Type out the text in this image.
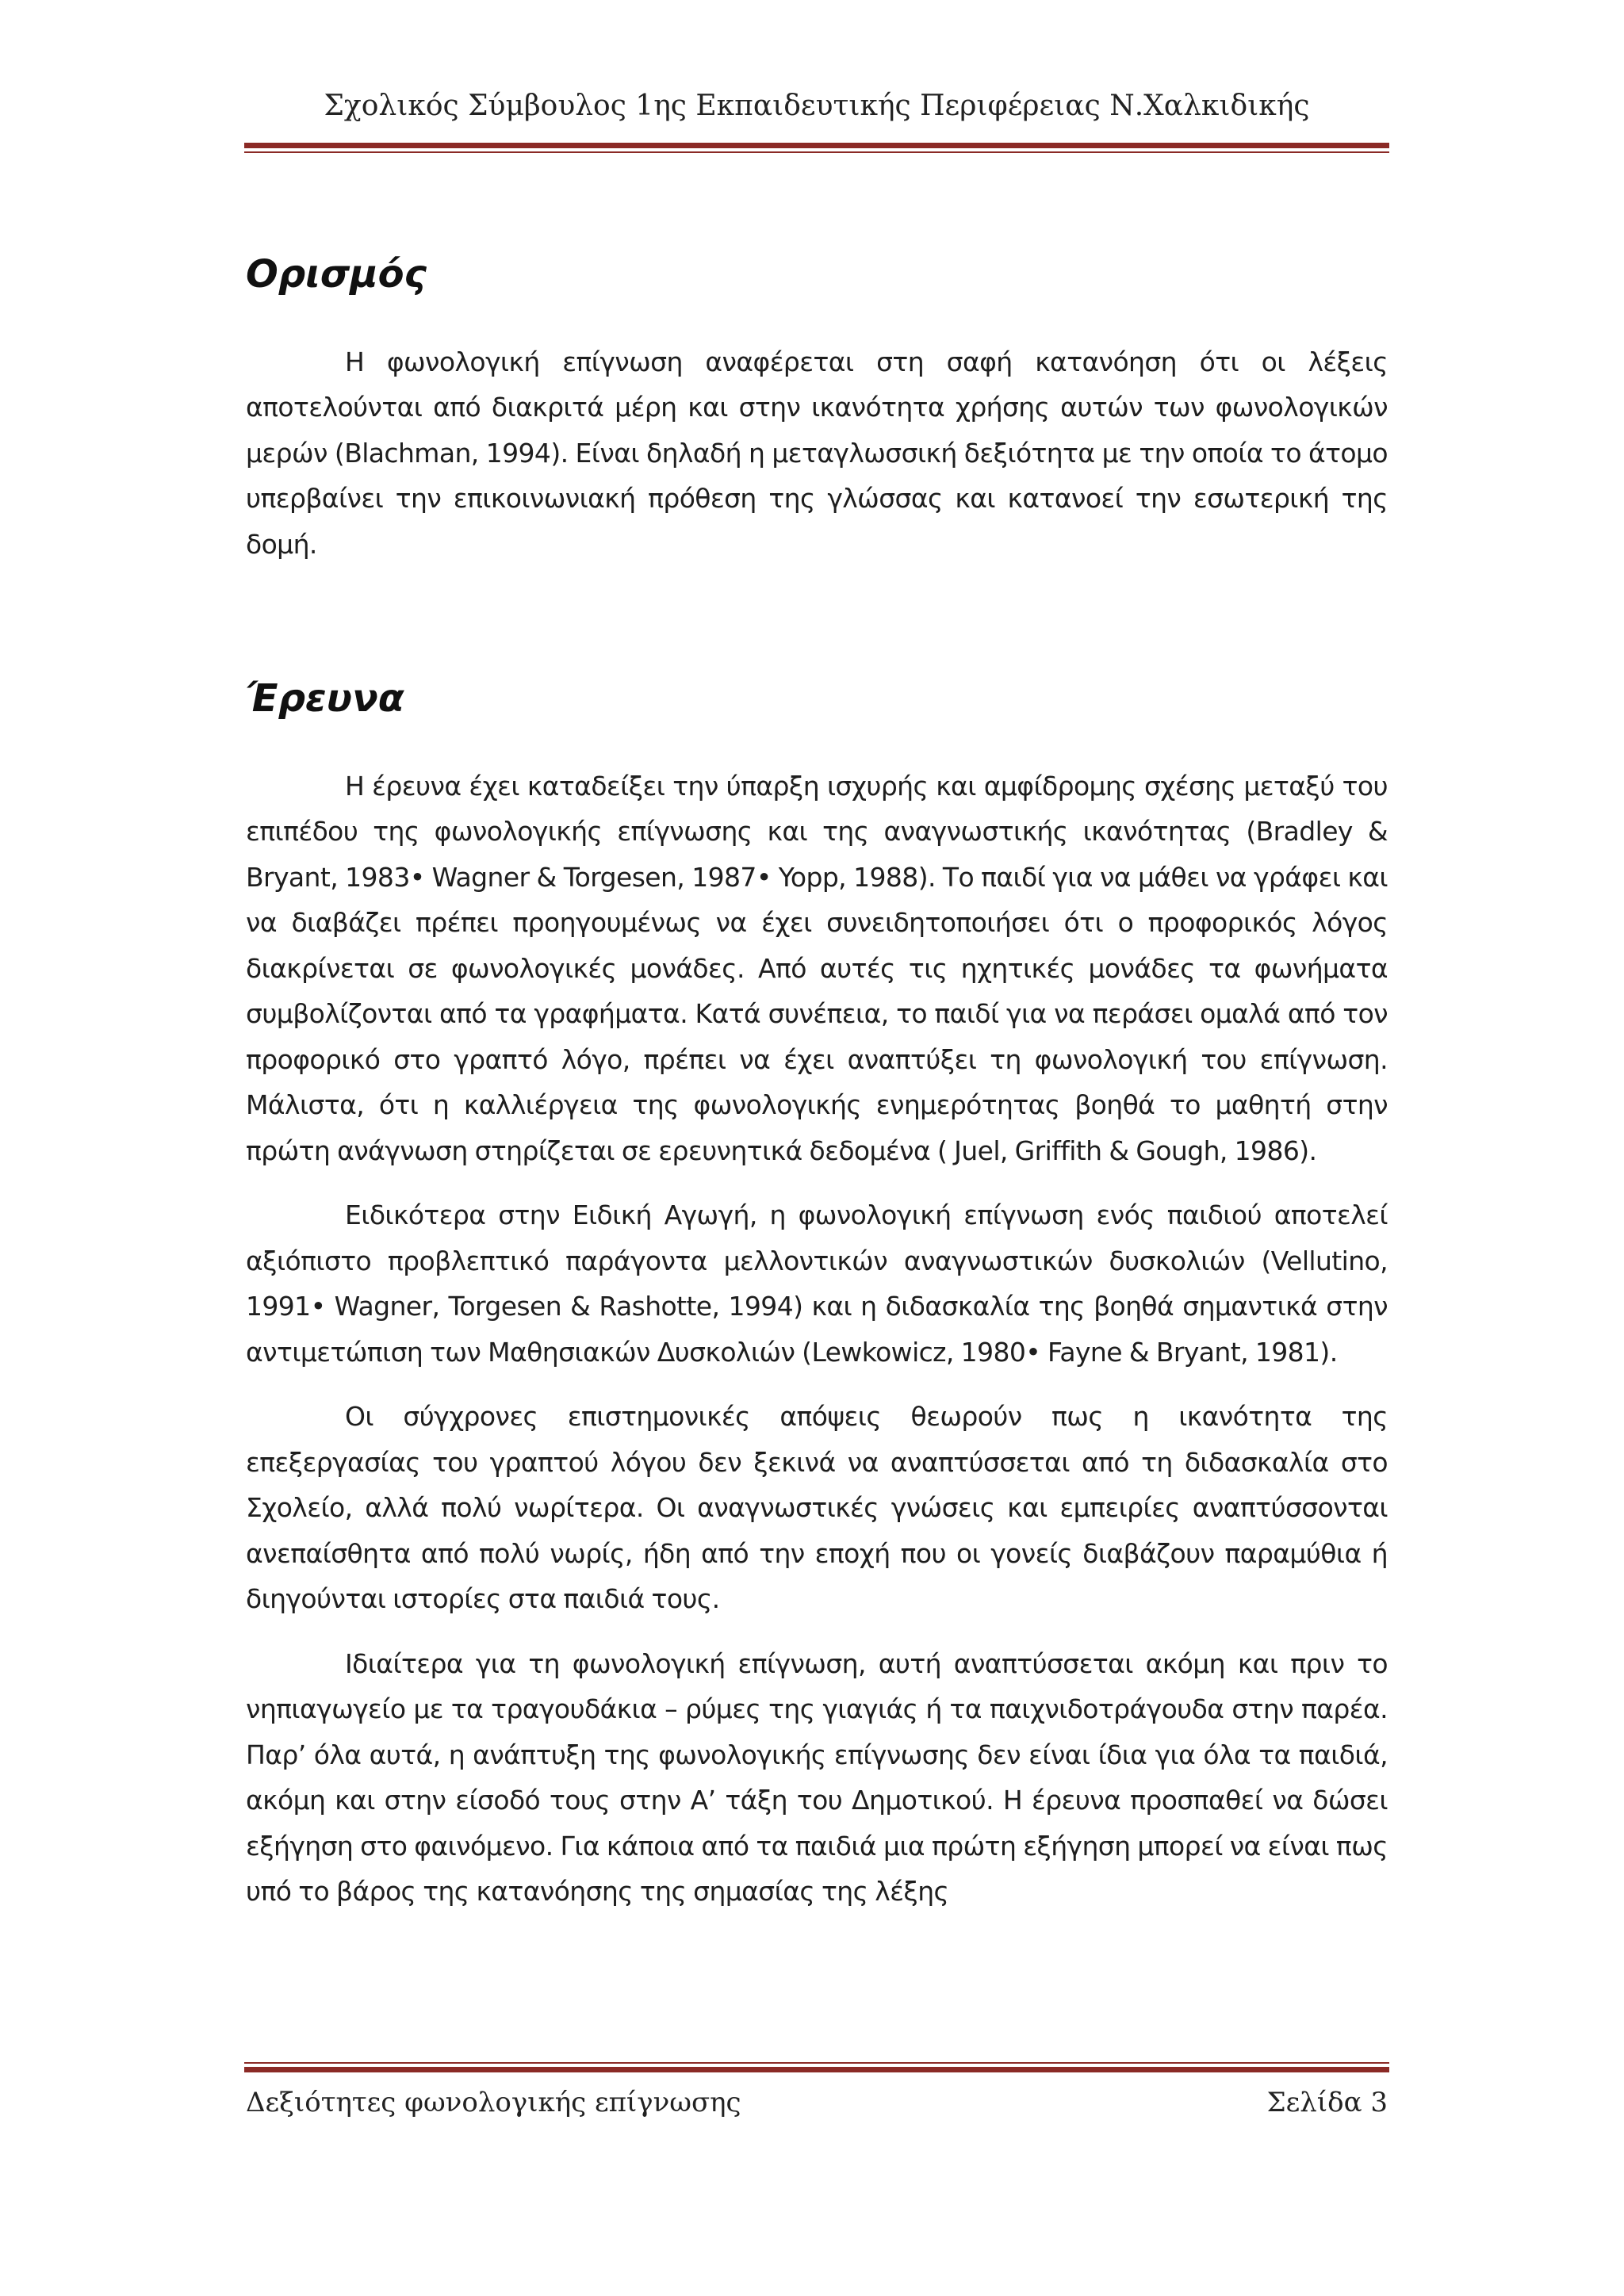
Σχολικός Σύμβουλος 1ης Εκπαιδευτικής Περιφέρειας Ν.Χαλκιδικής
Ορισμός

Η φωνολογική επίγνωση αναφέρεται στη σαφή κατανόηση ότι οι λέξεις αποτελούνται από διακριτά μέρη και στην ικανότητα χρήσης αυτών των φωνολογικών μερών (Blachman, 1994). Είναι δηλαδή η μεταγλωσσική δεξιότητα με την οποία το άτομο υπερβαίνει την επικοινωνιακή πρόθεση της γλώσσας και κατανοεί την εσωτερική της δομή.

Έρευνα

Η έρευνα έχει καταδείξει την ύπαρξη ισχυρής και αμφίδρομης σχέσης μεταξύ του επιπέδου της φωνολογικής επίγνωσης και της αναγνωστικής ικανότητας (Bradley & Bryant, 1983• Wagner & Torgesen, 1987• Yopp, 1988). Το παιδί για να μάθει να γράφει και να διαβάζει πρέπει προηγουμένως να έχει συνειδητοποιήσει ότι ο προφορικός λόγος διακρίνεται σε φωνολογικές μονάδες. Από αυτές τις ηχητικές μονάδες τα φωνήματα συμβολίζονται από τα γραφήματα. Κατά συνέπεια, το παιδί για να περάσει ομαλά από τον προφορικό στο γραπτό λόγο, πρέπει να έχει αναπτύξει τη φωνολογική του επίγνωση. Μάλιστα, ότι η καλλιέργεια της φωνολογικής ενημερότητας βοηθά το μαθητή στην πρώτη ανάγνωση στηρίζεται σε ερευνητικά δεδομένα ( Juel, Griffith & Gough, 1986).

Ειδικότερα στην Ειδική Αγωγή, η φωνολογική επίγνωση ενός παιδιού αποτελεί αξιόπιστο προβλεπτικό παράγοντα μελλοντικών αναγνωστικών δυσκολιών (Vellutino, 1991• Wagner, Torgesen & Rashotte, 1994) και η διδασκαλία της βοηθά σημαντικά στην αντιμετώπιση των Μαθησιακών Δυσκολιών (Lewkowicz, 1980• Fayne & Bryant, 1981).

Οι σύγχρονες επιστημονικές απόψεις θεωρούν πως η ικανότητα της επεξεργασίας του γραπτού λόγου δεν ξεκινά να αναπτύσσεται από τη διδασκαλία στο Σχολείο, αλλά πολύ νωρίτερα. Οι αναγνωστικές γνώσεις και εμπειρίες αναπτύσσονται ανεπαίσθητα από πολύ νωρίς, ήδη από την εποχή που οι γονείς διαβάζουν παραμύθια ή διηγούνται ιστορίες στα παιδιά τους.

Ιδιαίτερα για τη φωνολογική επίγνωση, αυτή αναπτύσσεται ακόμη και πριν το νηπιαγωγείο με τα τραγουδάκια – ρύμες της γιαγιάς ή τα παιχνιδοτράγουδα στην παρέα. Παρ’ όλα αυτά, η ανάπτυξη της φωνολογικής επίγνωσης δεν είναι ίδια για όλα τα παιδιά, ακόμη και στην είσοδό τους στην Α’ τάξη του Δημοτικού. Η έρευνα προσπαθεί να δώσει εξήγηση στο φαινόμενο. Για κάποια από τα παιδιά μια πρώτη εξήγηση μπορεί να είναι πως υπό το βάρος της κατανόησης της σημασίας της λέξης

Δεξιότητες φωνολογικής επίγνωσης	Σελίδα 3
